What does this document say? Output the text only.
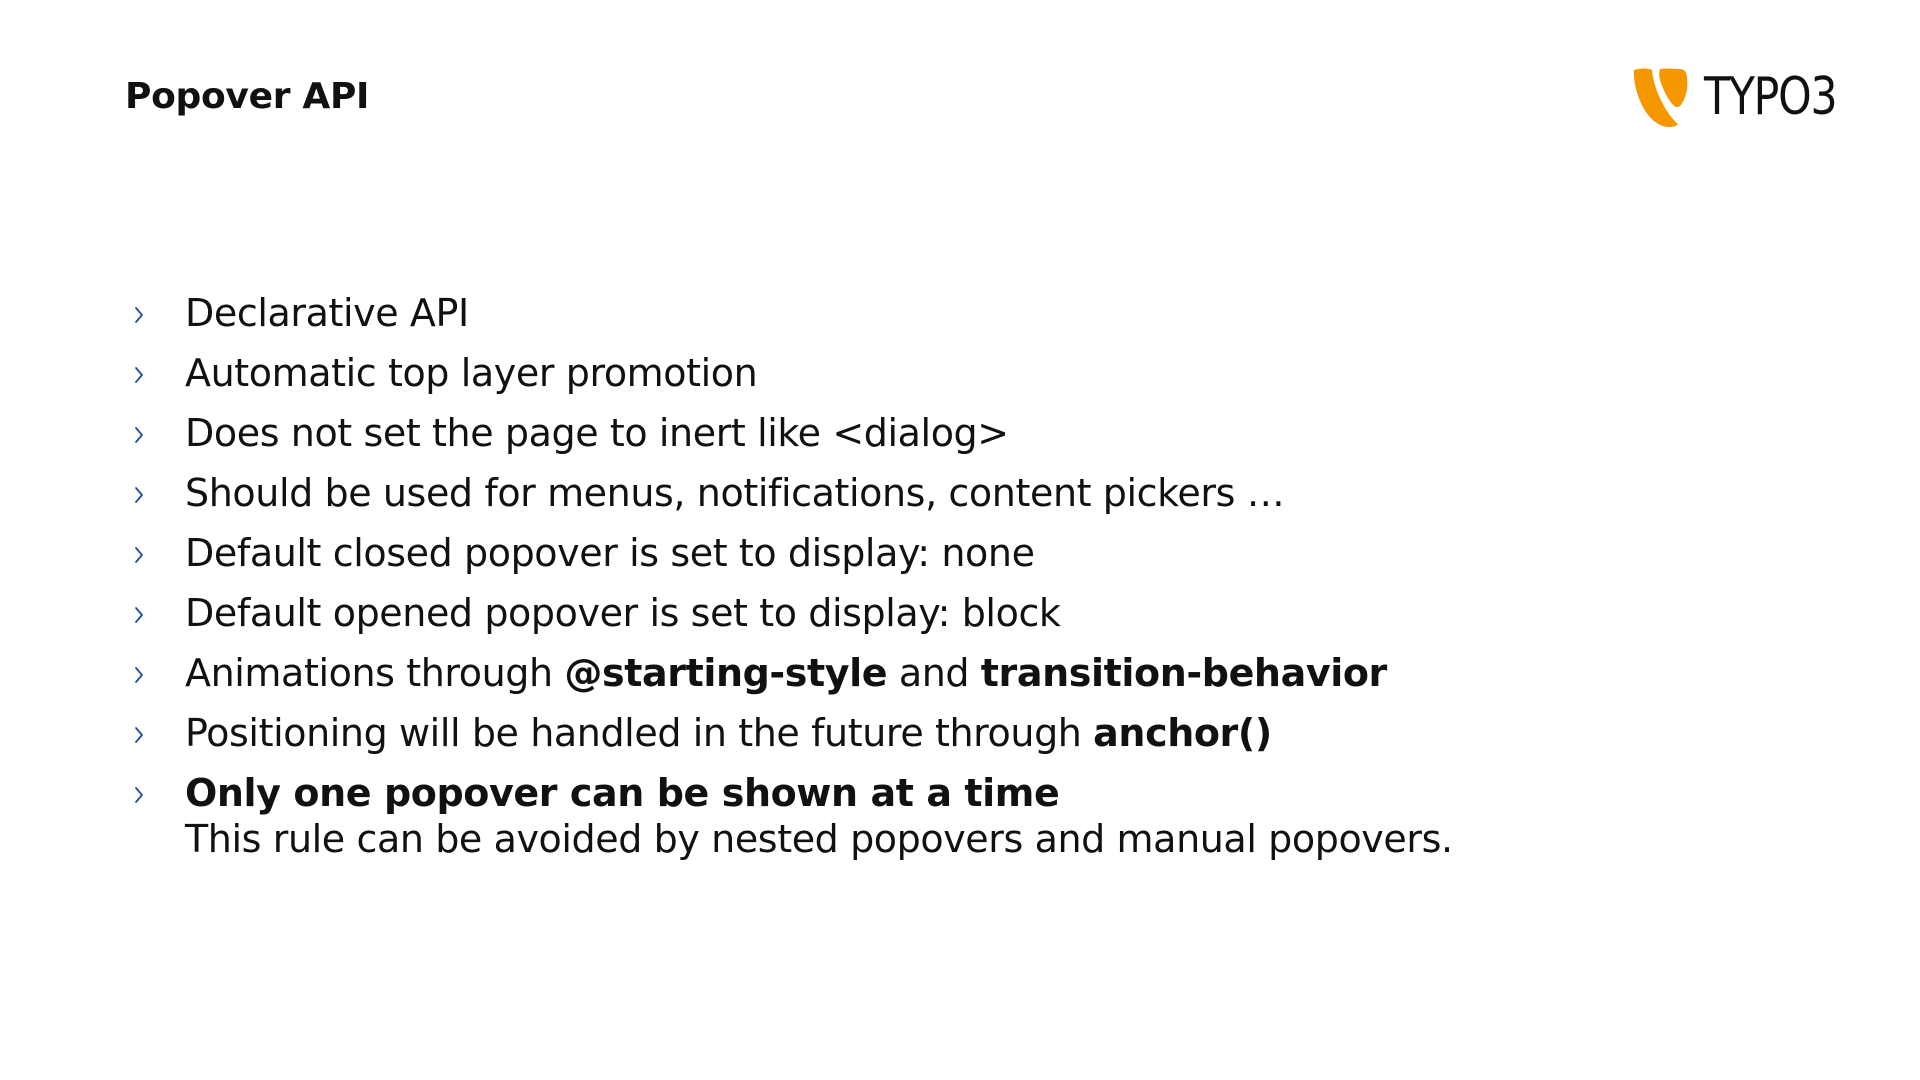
Popover API	TYPO3
Declarative API
Automatic top layer promotion
Does not set the page to inert like <dialog>
Should be used for menus, notifications, content pickers …
Default closed popover is set to display: none
Default opened popover is set to display: block
Animations through @starting-style and transition-behavior
Positioning will be handled in the future through anchor()
Only one popover can be shown at a time
This rule can be avoided by nested popovers and manual popovers.
